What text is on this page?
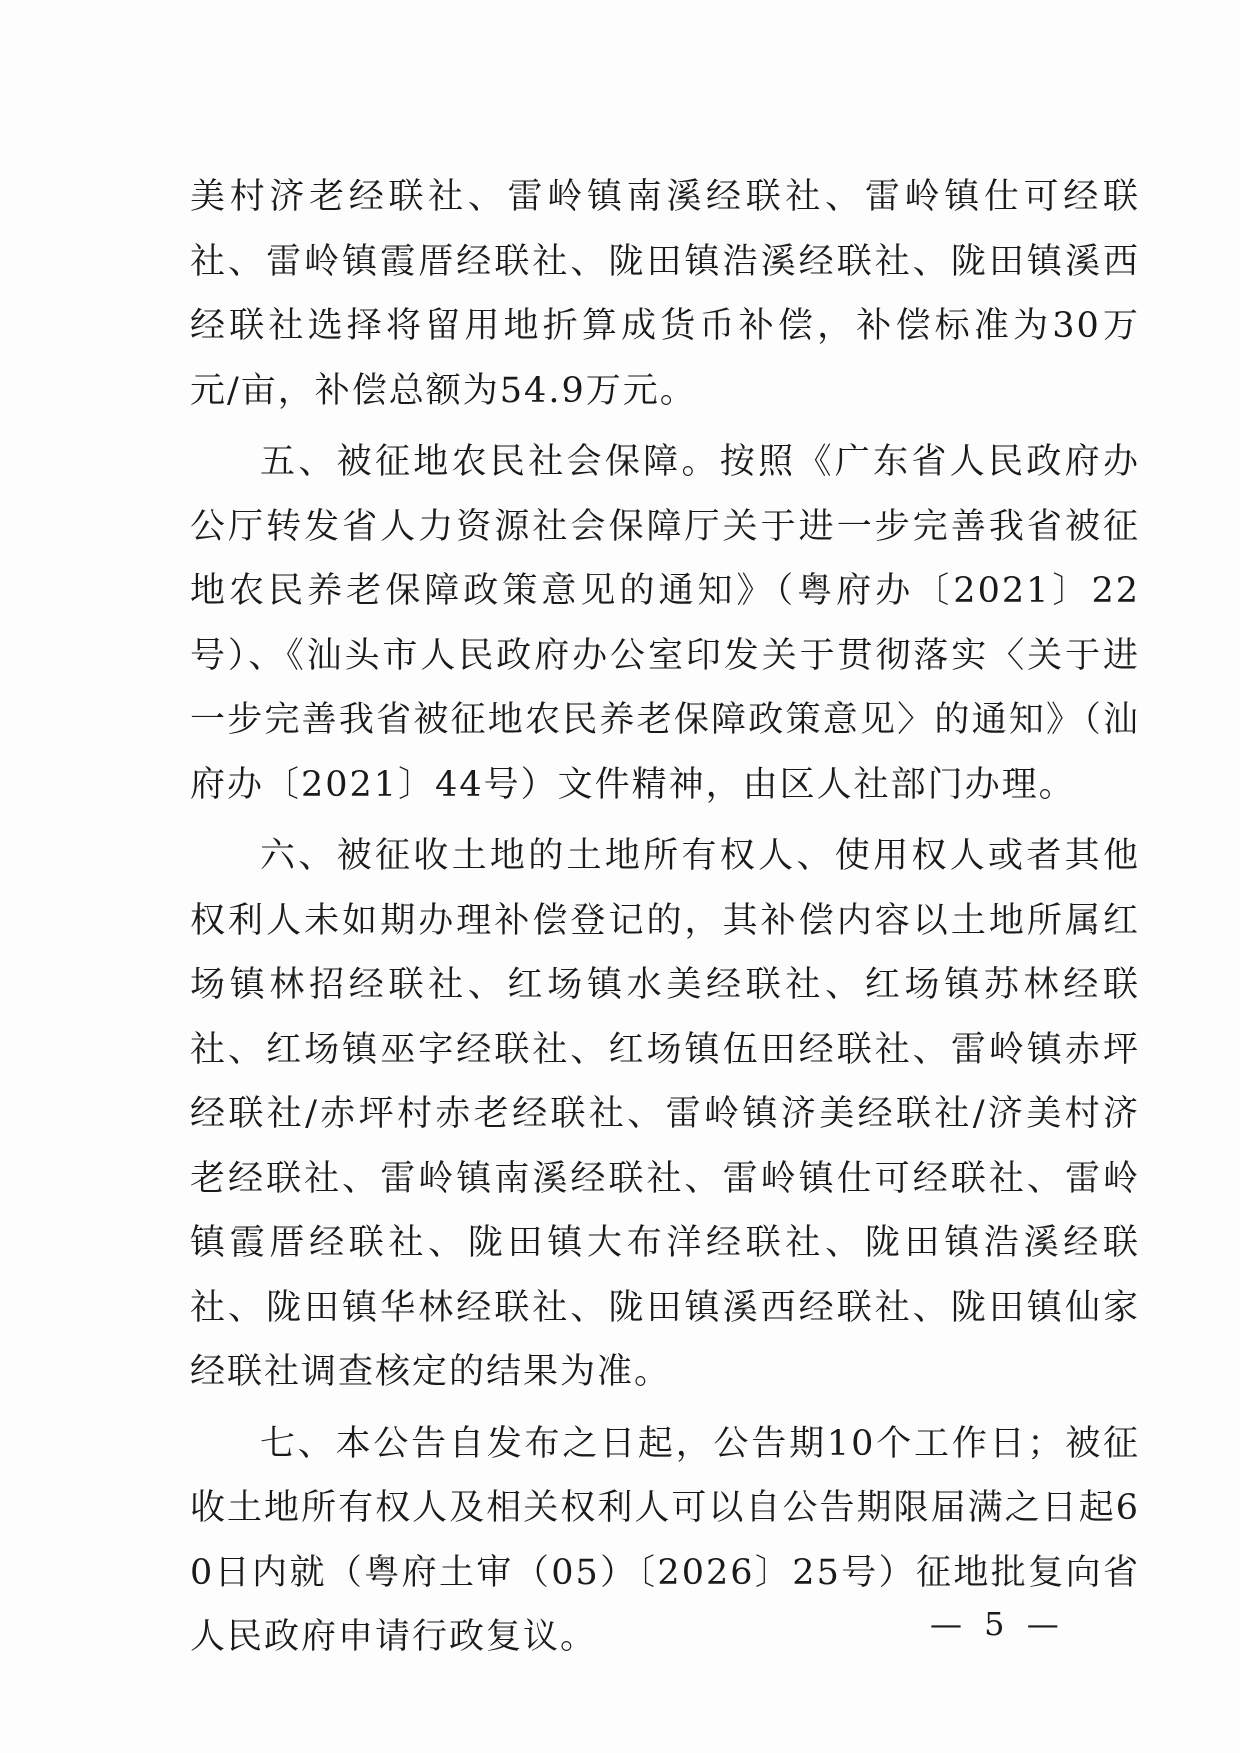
美村济老经联社、雷岭镇南溪经联社、雷岭镇仕可经联社、雷岭镇霞厝经联社、陇田镇浩溪经联社、陇田镇溪西经联社选择将留用地折算成货币补偿，补偿标准为30万元/亩，补偿总额为54.9万元。

五、被征地农民社会保障。按照《广东省人民政府办公厅转发省人力资源社会保障厅关于进一步完善我省被征地农民养老保障政策意见的通知》（粤府办〔2021〕22号）、《汕头市人民政府办公室印发关于贯彻落实〈关于进一步完善我省被征地农民养老保障政策意见〉的通知》（汕府办〔2021〕44号）文件精神，由区人社部门办理。

六、被征收土地的土地所有权人、使用权人或者其他权利人未如期办理补偿登记的，其补偿内容以土地所属红场镇林招经联社、红场镇水美经联社、红场镇苏林经联社、红场镇巫字经联社、红场镇伍田经联社、雷岭镇赤坪经联社/赤坪村赤老经联社、雷岭镇济美经联社/济美村济老经联社、雷岭镇南溪经联社、雷岭镇仕可经联社、雷岭镇霞厝经联社、陇田镇大布洋经联社、陇田镇浩溪经联社、陇田镇华林经联社、陇田镇溪西经联社、陇田镇仙家经联社调查核定的结果为准。

七、本公告自发布之日起，公告期10个工作日；被征收土地所有权人及相关权利人可以自公告期限届满之日起60日内就（粤府土审（05）〔2026〕25号）征地批复向省人民政府申请行政复议。	— 5 —
